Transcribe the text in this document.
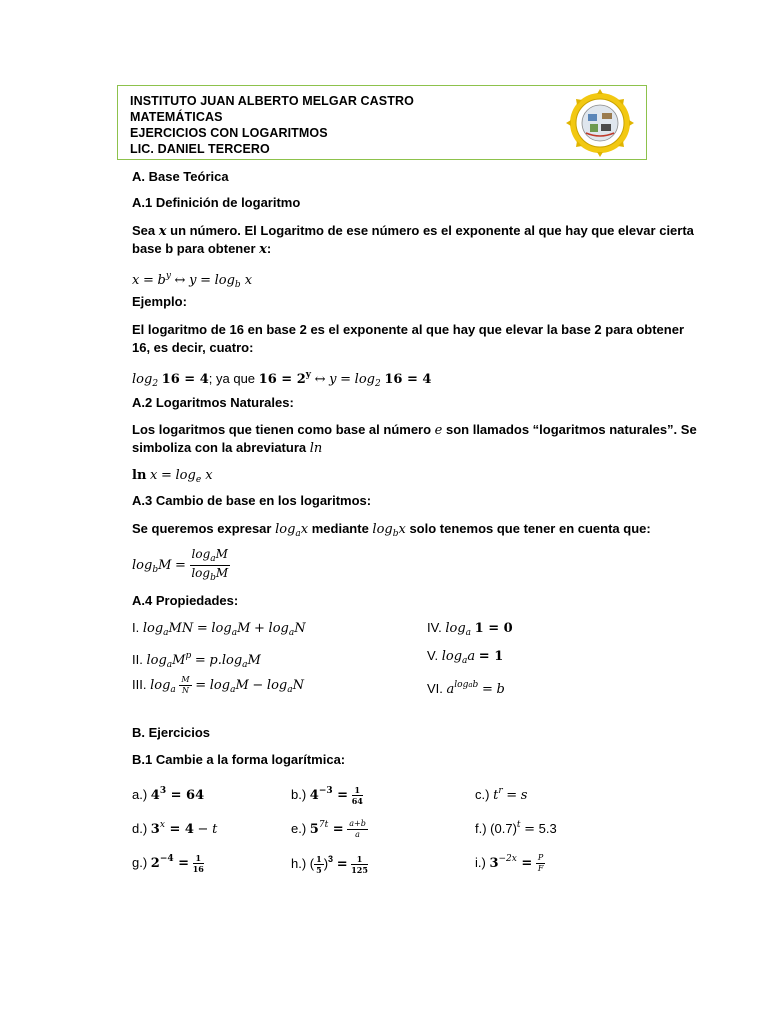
INSTITUTO JUAN ALBERTO MELGAR CASTRO
MATEMÁTICAS
EJERCICIOS CON LOGARITMOS
LIC. DANIEL TERCERO
A. Base Teórica
A.1 Definición de logaritmo
Sea x un número. El Logaritmo de ese número es el exponente al que hay que elevar cierta
base b para obtener x:
$x = b^y$ ↔ $y = \log_b x$
Ejemplo:
El logaritmo de 16 en base 2 es el exponente al que hay que elevar la base 2 para obtener
16, es decir, cuatro:
$\log_2 16 = 4$; ya que $16 = 2^y$ ↔ $y = \log_2 16 = 4$
A.2 Logaritmos Naturales:
Los logaritmos que tienen como base al número e son llamados “logaritmos naturales”. Se
simboliza con la abreviatura ln
$\ln x = \log_e x$
A.3 Cambio de base en los logaritmos:
Se queremos expresar $\log_ax$ mediante $\log_bx$ solo tenemos que tener en cuenta que:
$\log_bM = \frac{\log_aM}{\log_bM}$
A.4 Propiedades:
I. $\log_aMN = \log_aM + \log_aN$	IV. $\log_a 1 = 0$
II. $\log_aM^p = p.\log_aM$	V. $\log_aa = 1$
III. $\log_a \frac{M}{N} = \log_aM - \log_aN$	VI. $a^{logab} = b$
B. Ejercicios
B.1 Cambie a la forma logarítmica:
a.) $4^3 = 64$	b.) $4^{-3} = \frac{1}{64}$	c.) $t^r = s$
d.) $3^x = 4 - t$	e.) $5^{7t} = \frac{a+b}{a}$	f.) $(0.7)^t = 5.3$
g.) $2^{-4} = \frac{1}{16}$	h.) ( $\frac{1}{5} )^3 = \frac{1}{125}$	i.) $3^{-2x} = \frac{P}{F}$
